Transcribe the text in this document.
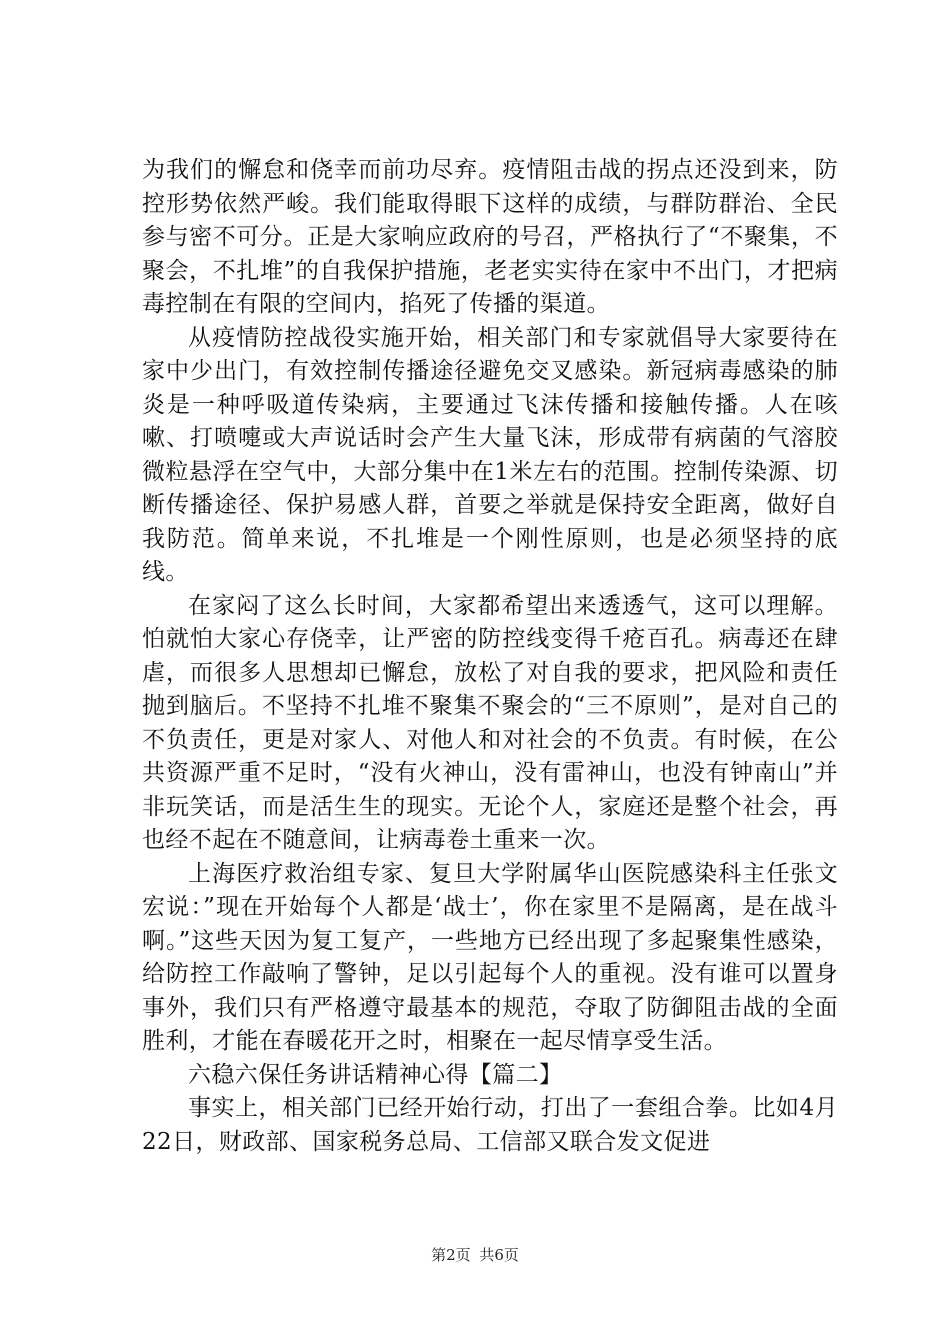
为我们的懈怠和侥幸而前功尽弃。疫情阻击战的拐点还没到来，防控形势依然严峻。我们能取得眼下这样的成绩，与群防群治、全民参与密不可分。正是大家响应政府的号召，严格执行了“不聚集，不聚会，不扎堆”的自我保护措施，老老实实待在家中不出门，才把病毒控制在有限的空间内，掐死了传播的渠道。

从疫情防控战役实施开始，相关部门和专家就倡导大家要待在家中少出门，有效控制传播途径避免交叉感染。新冠病毒感染的肺炎是一种呼吸道传染病，主要通过飞沫传播和接触传播。人在咳嗽、打喷嚏或大声说话时会产生大量飞沫，形成带有病菌的气溶胶微粒悬浮在空气中，大部分集中在1米左右的范围。控制传染源、切断传播途径、保护易感人群，首要之举就是保持安全距离，做好自我防范。简单来说，不扎堆是一个刚性原则，也是必须坚持的底线。

在家闷了这么长时间，大家都希望出来透透气，这可以理解。怕就怕大家心存侥幸，让严密的防控线变得千疮百孔。病毒还在肆虐，而很多人思想却已懈怠，放松了对自我的要求，把风险和责任抛到脑后。不坚持不扎堆不聚集不聚会的“三不原则”，是对自己的不负责任，更是对家人、对他人和对社会的不负责。有时候，在公共资源严重不足时，“没有火神山，没有雷神山，也没有钟南山”并非玩笑话，而是活生生的现实。无论个人，家庭还是整个社会，再也经不起在不随意间，让病毒卷土重来一次。

上海医疗救治组专家、复旦大学附属华山医院感染科主任张文宏说：”现在开始每个人都是‘战士’，你在家里不是隔离，是在战斗啊。”这些天因为复工复产，一些地方已经出现了多起聚集性感染，给防控工作敲响了警钟，足以引起每个人的重视。没有谁可以置身事外，我们只有严格遵守最基本的规范，夺取了防御阻击战的全面胜利，才能在春暖花开之时，相聚在一起尽情享受生活。

六稳六保任务讲话精神心得【篇二】

事实上，相关部门已经开始行动，打出了一套组合拳。比如4月22日，财政部、国家税务总局、工信部又联合发文促进

第2页 共6页
